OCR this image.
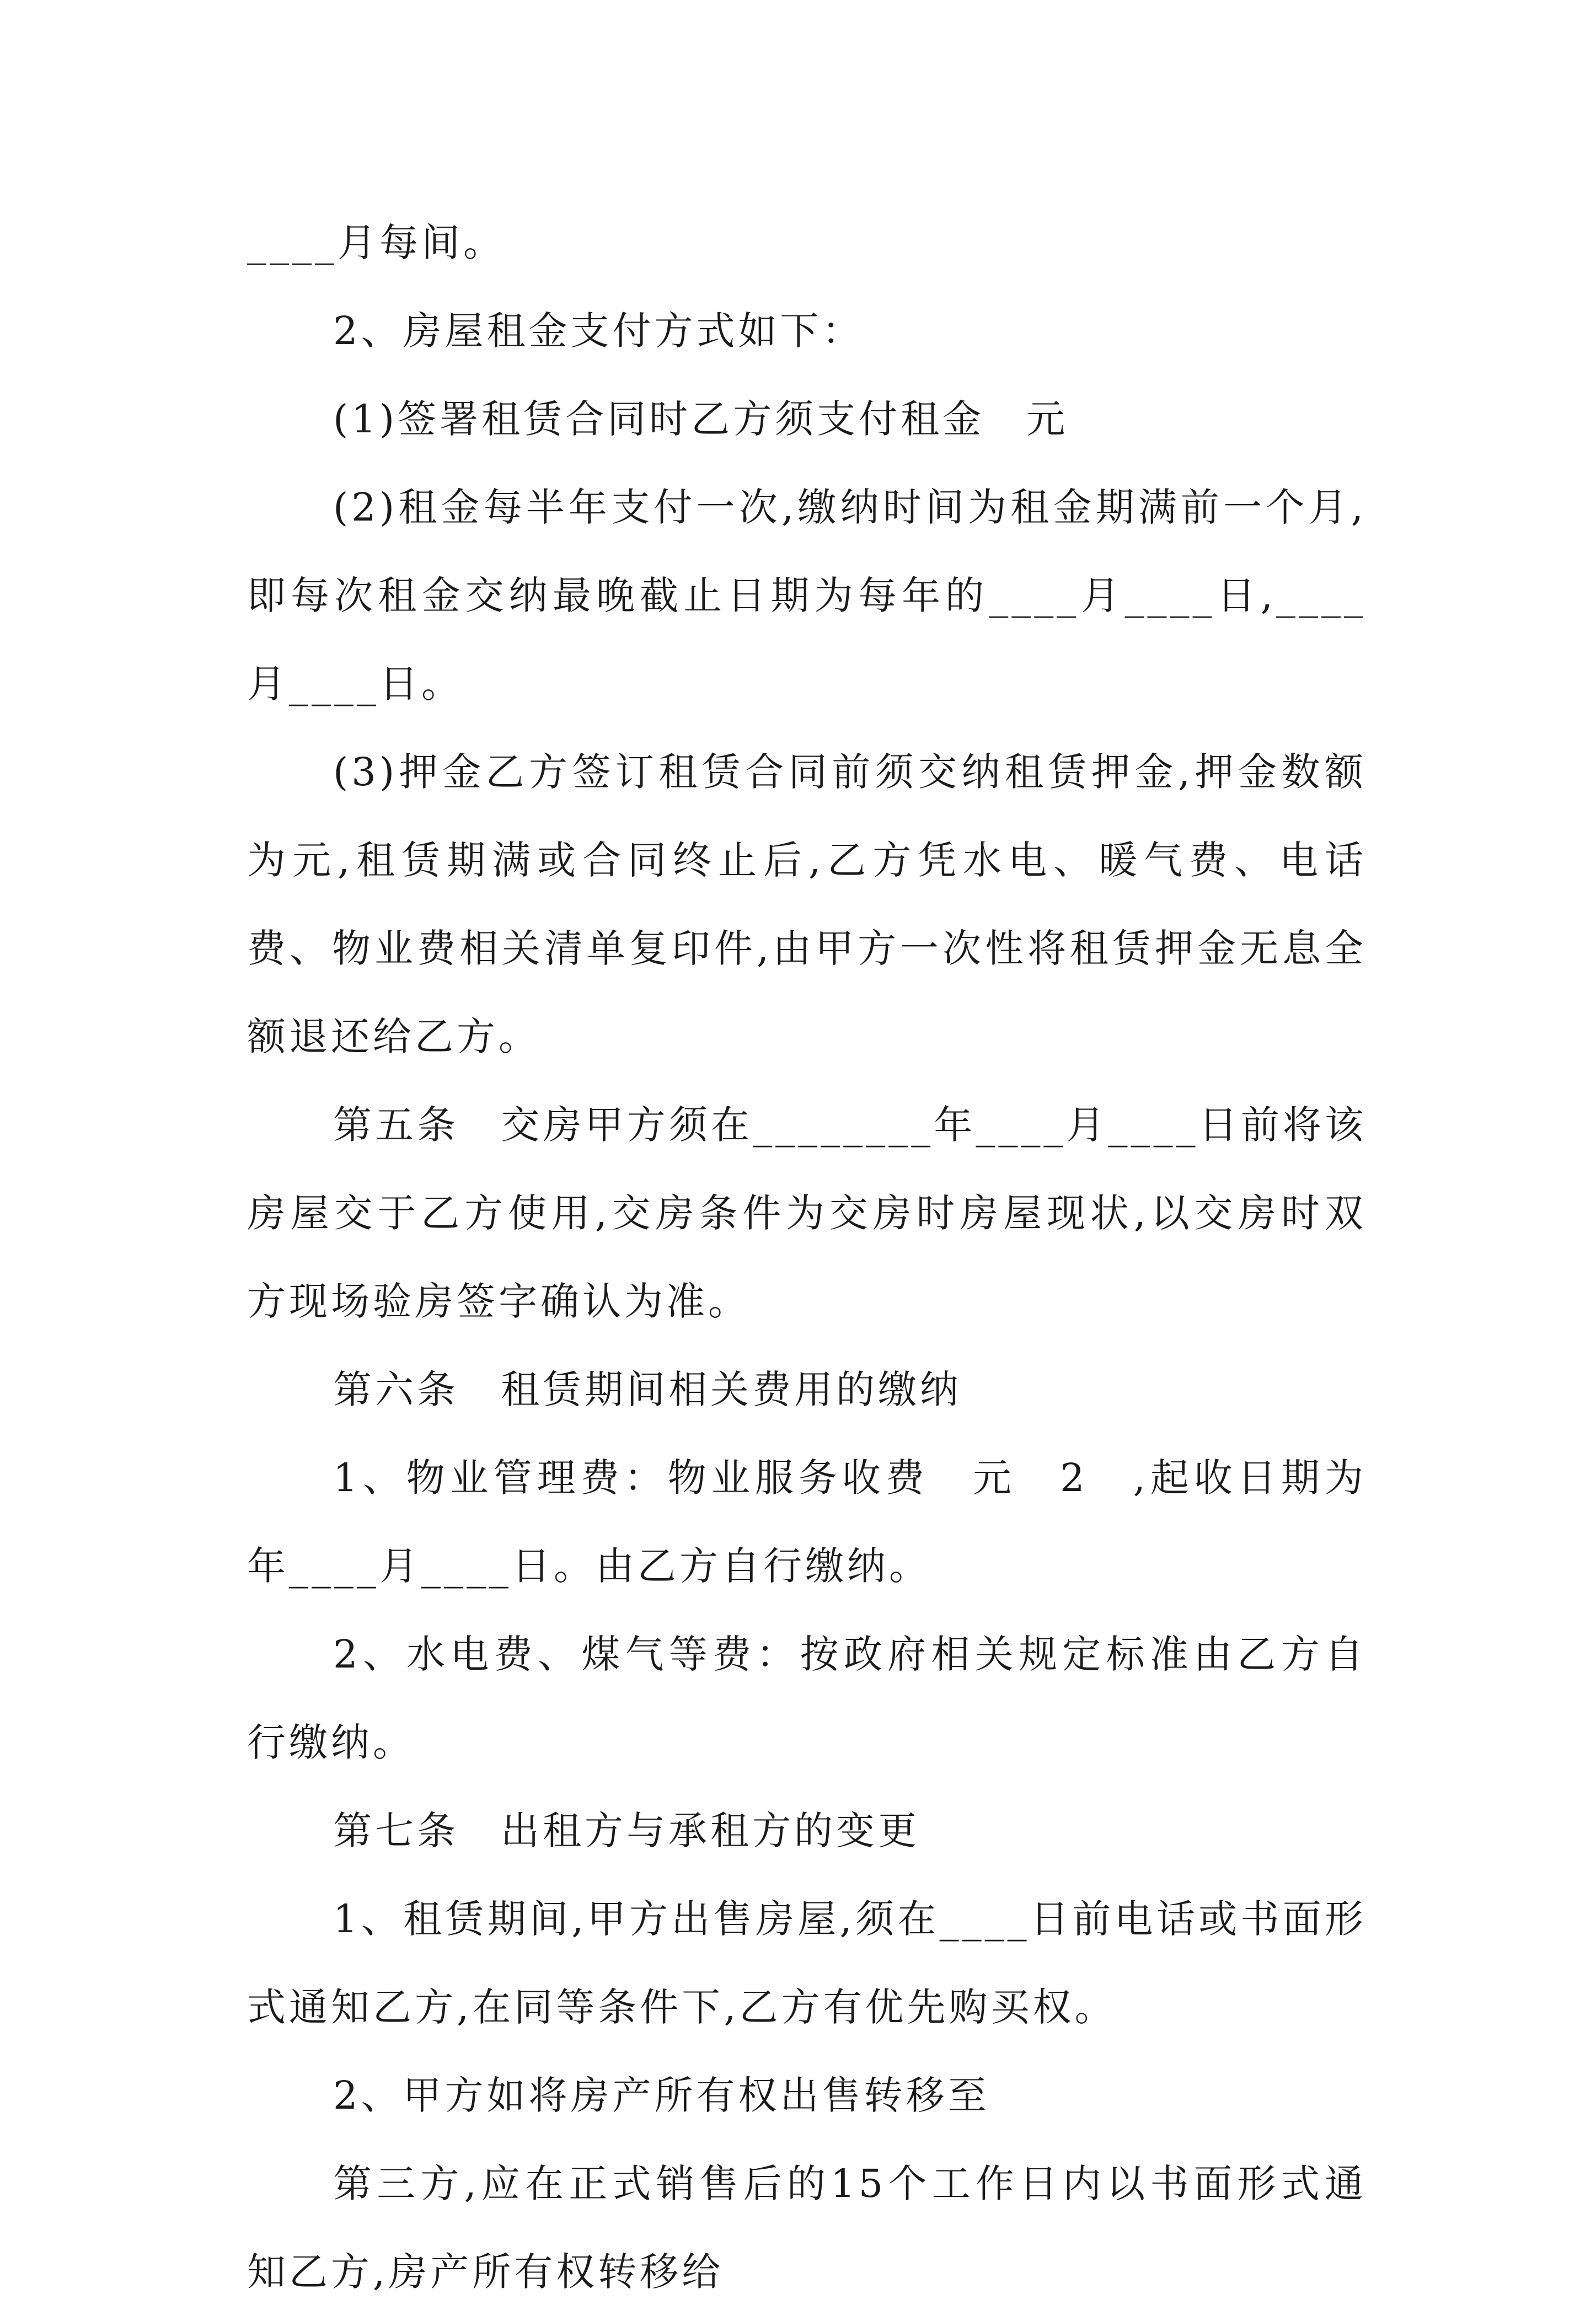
____月每间。

2、房屋租金支付方式如下：

(1)签署租赁合同时乙方须支付租金　元

(2)租金每半年支付一次,缴纳时间为租金期满前一个月,即每次租金交纳最晚截止日期为每年的____月____日,____月____日。

(3)押金乙方签订租赁合同前须交纳租赁押金,押金数额为元,租赁期满或合同终止后,乙方凭水电、暖气费、电话费、物业费相关清单复印件,由甲方一次性将租赁押金无息全额退还给乙方。

第五条　交房甲方须在________年____月____日前将该房屋交于乙方使用,交房条件为交房时房屋现状,以交房时双方现场验房签字确认为准。

第六条　租赁期间相关费用的缴纳

1、物业管理费：物业服务收费　元　2　,起收日期为年____月____日。由乙方自行缴纳。

2、水电费、煤气等费：按政府相关规定标准由乙方自行缴纳。

第七条　出租方与承租方的变更

1、租赁期间,甲方出售房屋,须在____日前电话或书面形式通知乙方,在同等条件下,乙方有优先购买权。

2、甲方如将房产所有权出售转移至

第三方,应在正式销售后的15个工作日内以书面形式通知乙方,房产所有权转移给
